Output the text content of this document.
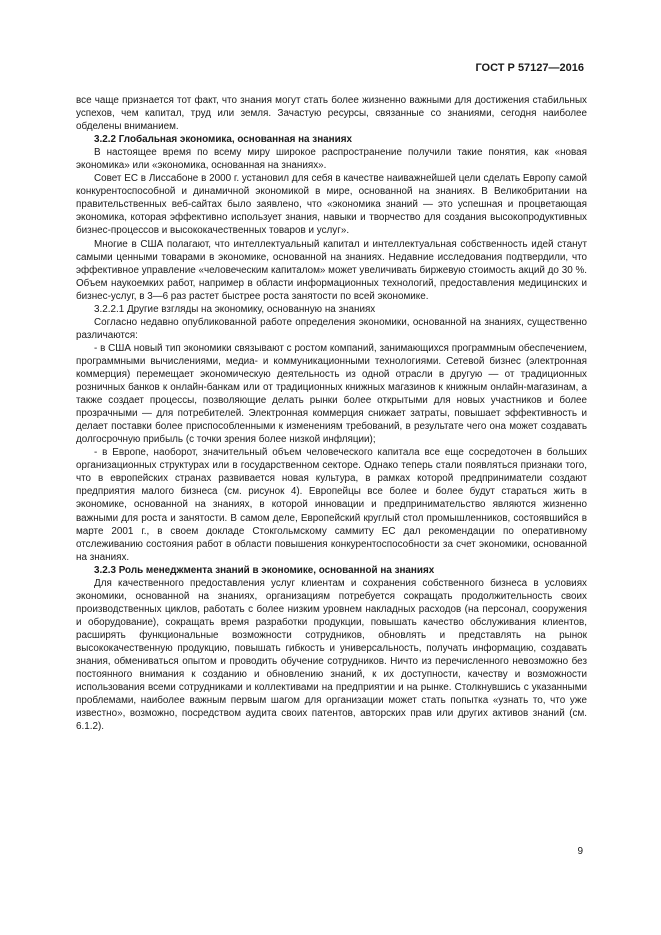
ГОСТ Р 57127—2016

все чаще признается тот факт, что знания могут стать более жизненно важными для достижения стабильных успехов, чем капитал, труд или земля. Зачастую ресурсы, связанные со знаниями, сегодня наиболее обделены вниманием.

3.2.2 Глобальная экономика, основанная на знаниях

В настоящее время по всему миру широкое распространение получили такие понятия, как «новая экономика» или «экономика, основанная на знаниях».

Совет ЕС в Лиссабоне в 2000 г. установил для себя в качестве наиважнейшей цели сделать Европу самой конкурентоспособной и динамичной экономикой в мире, основанной на знаниях. В Великобритании на правительственных веб-сайтах было заявлено, что «экономика знаний — это успешная и процветающая экономика, которая эффективно использует знания, навыки и творчество для создания высокопродуктивных бизнес-процессов и высококачественных товаров и услуг».

Многие в США полагают, что интеллектуальный капитал и интеллектуальная собственность идей станут самыми ценными товарами в экономике, основанной на знаниях. Недавние исследования подтвердили, что эффективное управление «человеческим капиталом» может увеличивать биржевую стоимость акций до 30 %. Объем наукоемких работ, например в области информационных технологий, предоставления медицинских и бизнес-услуг, в 3—6 раз растет быстрее роста занятости по всей экономике.

3.2.2.1 Другие взгляды на экономику, основанную на знаниях

Согласно недавно опубликованной работе определения экономики, основанной на знаниях, существенно различаются:

- в США новый тип экономики связывают с ростом компаний, занимающихся программным обеспечением, программными вычислениями, медиа- и коммуникационными технологиями. Сетевой бизнес (электронная коммерция) перемещает экономическую деятельность из одной отрасли в другую — от традиционных розничных банков к онлайн-банкам или от традиционных книжных магазинов к книжным онлайн-магазинам, а также создает процессы, позволяющие делать рынки более открытыми для новых участников и более прозрачными — для потребителей. Электронная коммерция снижает затраты, повышает эффективность и делает поставки более приспособленными к изменениям требований, в результате чего она может создавать долгосрочную прибыль (с точки зрения более низкой инфляции);

- в Европе, наоборот, значительный объем человеческого капитала все еще сосредоточен в больших организационных структурах или в государственном секторе. Однако теперь стали появляться признаки того, что в европейских странах развивается новая культура, в рамках которой предприниматели создают предприятия малого бизнеса (см. рисунок 4). Европейцы все более и более будут стараться жить в экономике, основанной на знаниях, в которой инновации и предпринимательство являются жизненно важными для роста и занятости. В самом деле, Европейский круглый стол промышленников, состоявшийся в марте 2001 г., в своем докладе Стокгольмскому саммиту ЕС дал рекомендации по оперативному отслеживанию состояния работ в области повышения конкурентоспособности за счет экономики, основанной на знаниях.

3.2.3 Роль менеджмента знаний в экономике, основанной на знаниях

Для качественного предоставления услуг клиентам и сохранения собственного бизнеса в условиях экономики, основанной на знаниях, организациям потребуется сокращать продолжительность своих производственных циклов, работать с более низким уровнем накладных расходов (на персонал, сооружения и оборудование), сокращать время разработки продукции, повышать качество обслуживания клиентов, расширять функциональные возможности сотрудников, обновлять и представлять на рынок высококачественную продукцию, повышать гибкость и универсальность, получать информацию, создавать знания, обмениваться опытом и проводить обучение сотрудников. Ничто из перечисленного невозможно без постоянного внимания к созданию и обновлению знаний, к их доступности, качеству и возможности использования всеми сотрудниками и коллективами на предприятии и на рынке. Столкнувшись с указанными проблемами, наиболее важным первым шагом для организации может стать попытка «узнать то, что уже известно», возможно, посредством аудита своих патентов, авторских прав или других активов знаний (см. 6.1.2).

9
